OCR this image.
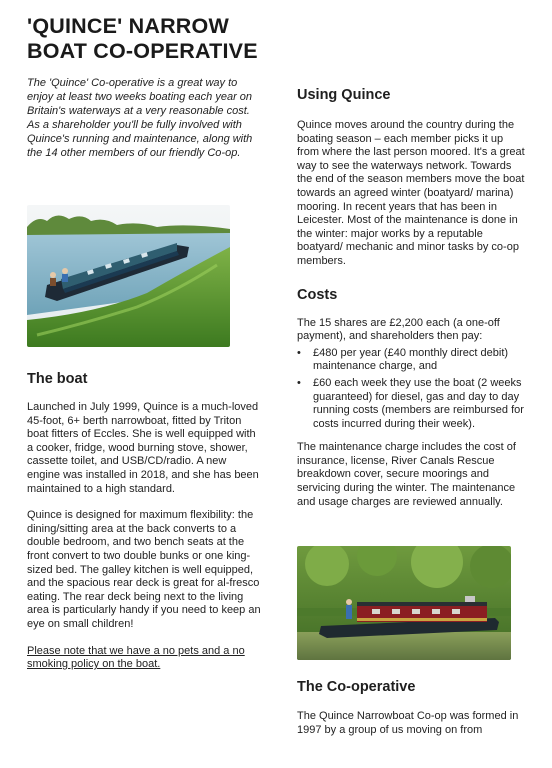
'QUINCE' NARROW
BOAT CO-OPERATIVE

The 'Quince' Co-operative is a great way to enjoy at least two weeks boating each year on Britain's waterways at a very reasonable cost. As a shareholder you'll be fully involved with Quince's running and maintenance, along with the 14 other members of our friendly Co-op.

The boat

Launched in July 1999, Quince is a much-loved 45-foot, 6+ berth narrowboat, fitted by Triton boat fitters of Eccles. She is well equipped with a cooker, fridge, wood burning stove, shower, cassette toilet, and USB/CD/radio. A new engine was installed in 2018, and she has been maintained to a high standard.

Quince is designed for maximum flexibility: the dining/sitting area at the back converts to a double bedroom, and two bench seats at the front convert to two double bunks or one king-sized bed. The galley kitchen is well equipped, and the spacious rear deck is great for al-fresco eating. The rear deck being next to the living area is particularly handy if you need to keep an eye on small children!

Please note that we have a no pets and a no smoking policy on the boat.

Using Quince

Quince moves around the country during the boating season – each member picks it up from where the last person moored. It's a great way to see the waterways network. Towards the end of the season members move the boat towards an agreed winter (boatyard/ marina) mooring. In recent years that has been in Leicester. Most of the maintenance is done in the winter: major works by a reputable boatyard/ mechanic and minor tasks by co-op members.

Costs

The 15 shares are £2,200 each (a one-off payment), and shareholders then pay:

• £480 per year (£40 monthly direct debit) maintenance charge, and
• £60 each week they use the boat (2 weeks guaranteed) for diesel, gas and day to day running costs (members are reimbursed for costs incurred during their week).

The maintenance charge includes the cost of insurance, license, River Canals Rescue breakdown cover, secure moorings and servicing during the winter. The maintenance and usage charges are reviewed annually.

The Co-operative

The Quince Narrowboat Co-op was formed in 1997 by a group of us moving on from
